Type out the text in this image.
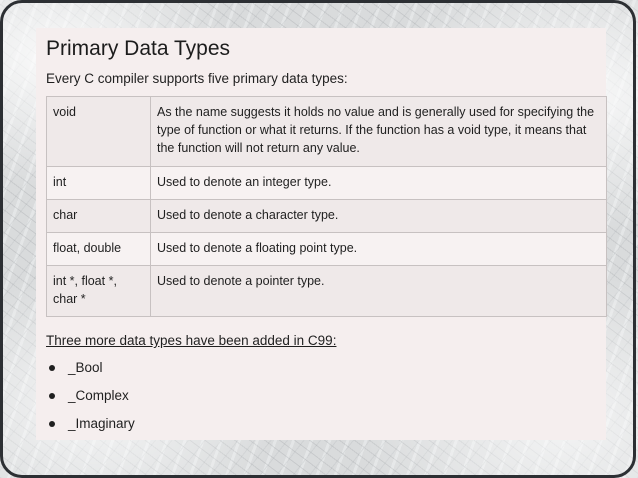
Primary Data Types
Every C compiler supports five primary data types:
void	As the name suggests it holds no value and is generally used for specifying the type of function or what it returns. If the function has a void type, it means that the function will not return any value.
int	Used to denote an integer type.
char	Used to denote a character type.
float, double	Used to denote a floating point type.
int *, float *, char *	Used to denote a pointer type.
Three more data types have been added in C99:
_Bool
_Complex
_Imaginary
